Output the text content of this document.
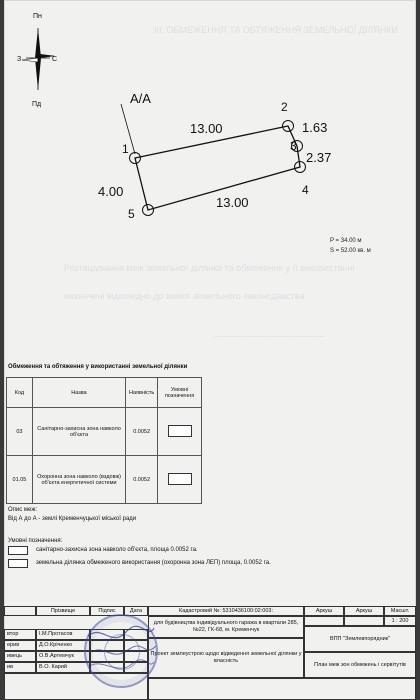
ІІІ. ОБМЕЖЕННЯ ТА ОБТЯЖЕННЯ ЗЕМЕЛЬНОЇ ДІЛЯНКИ
Розташування меж земельної ділянки та обмеження у її використанні
визначені відповідно до вимог земельного законодавства
-------------------------------------
Пн
Пд
З	С
A/A
1
2
3
4
5
13.00
13.00
4.00
1.63
2.37
P = 34.00 м
S = 52.00 кв. м
Обмеження та обтяження у використанні земельної ділянки
Код	Назва	Наявність	Умовні позначення
03	Санітарно-захисна зона навколо об'єкта	0.0052	
01.05	Охоронна зона навколо (вздовж) об'єкта енергетичної системи	0.0052	
Опис меж:
Від А до А - землі Кременчуцької міської ради
Умовні позначення:
санітарно-захисна зона навколо об'єкта, площа 0.0052 га.
земельна ділянка обмеженого використання (охоронна зона ЛЕП) площа, 0.0052 га.
Прізвище	Підпис	Дата	Кадастровий №: 5310436100:02:003:	Аркуш	Аркуш	Масшт.
для будівництва індивідуального гаража в квартали 285, №22, ГК-68, м. Кременчук
1 : 200
ВПП "Землевпорядник"
Проект землеустрою щодо відведення земельної ділянки у власність
План меж зон обмежень і сервітутів
втор	І.М.Протасов
ерив	Д.О.Кріченко
ивець	О.В.Артемчук
ив	В.О. Карий
